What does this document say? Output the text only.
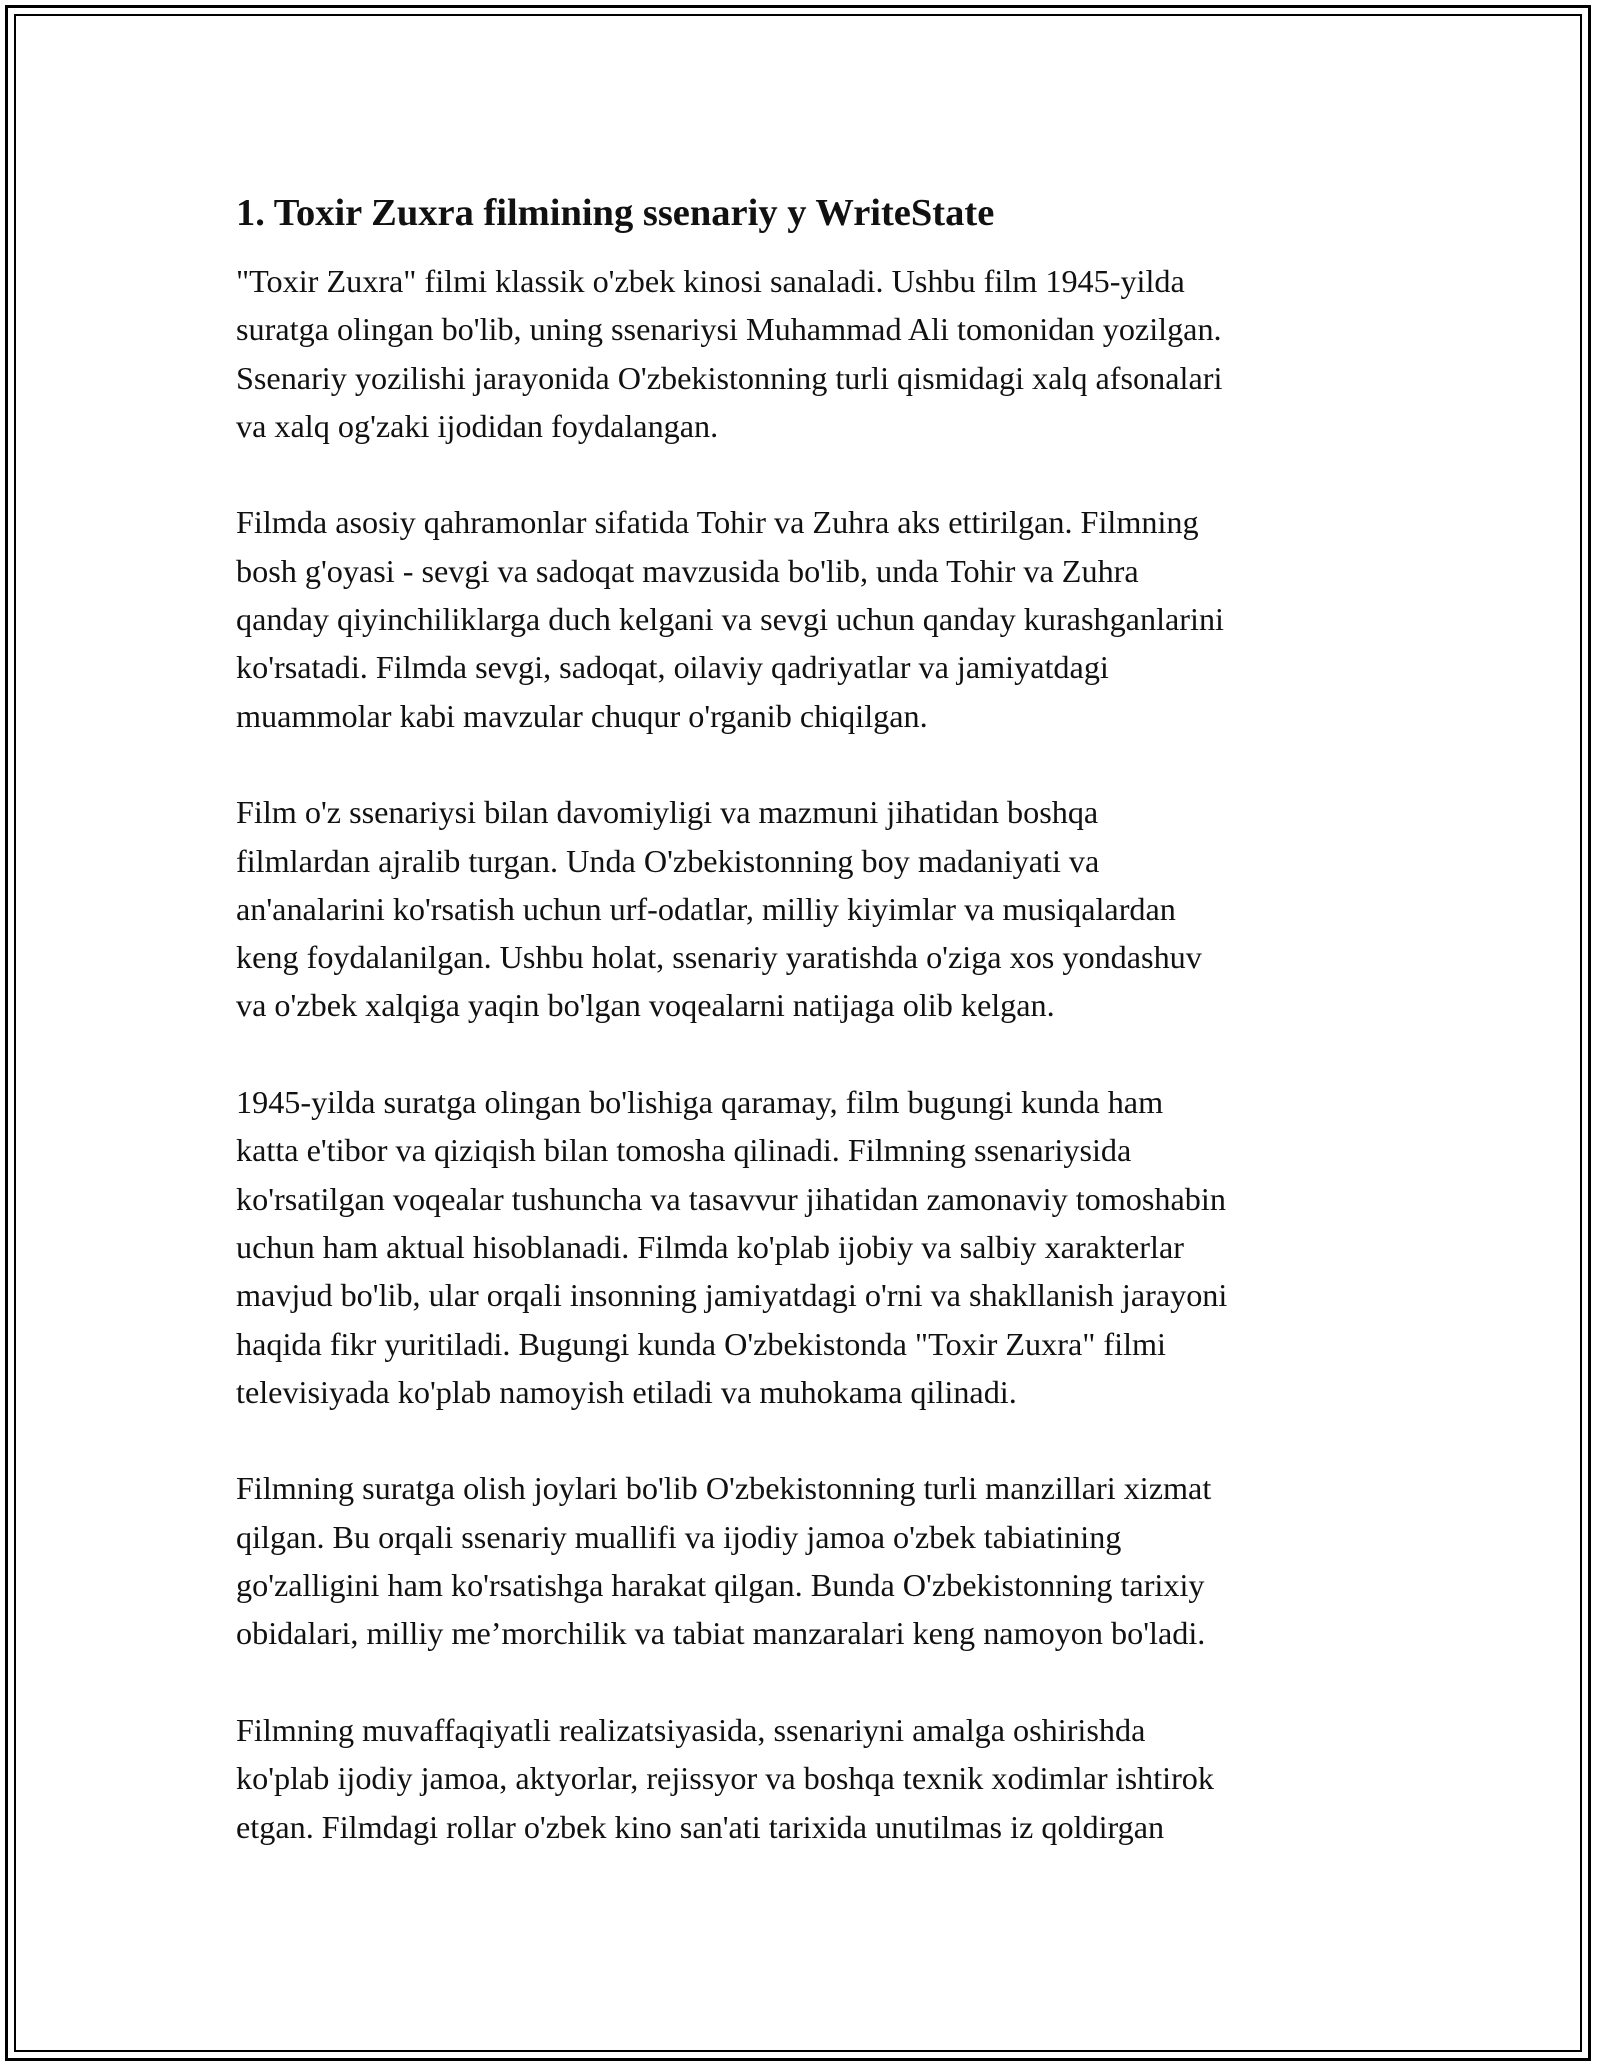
1. Toxir Zuxra filmining ssenariy y WriteState

"Toxir Zuxra" filmi klassik o'zbek kinosi sanaladi. Ushbu film 1945-yilda
suratga olingan bo'lib, uning ssenariysi Muhammad Ali tomonidan yozilgan.
Ssenariy yozilishi jarayonida O'zbekistonning turli qismidagi xalq afsonalari
va xalq og'zaki ijodidan foydalangan.

Filmda asosiy qahramonlar sifatida Tohir va Zuhra aks ettirilgan. Filmning
bosh g'oyasi - sevgi va sadoqat mavzusida bo'lib, unda Tohir va Zuhra
qanday qiyinchiliklarga duch kelgani va sevgi uchun qanday kurashganlarini
ko'rsatadi. Filmda sevgi, sadoqat, oilaviy qadriyatlar va jamiyatdagi
muammolar kabi mavzular chuqur o'rganib chiqilgan.

Film o'z ssenariysi bilan davomiyligi va mazmuni jihatidan boshqa
filmlardan ajralib turgan. Unda O'zbekistonning boy madaniyati va
an'analarini ko'rsatish uchun urf-odatlar, milliy kiyimlar va musiqalardan
keng foydalanilgan. Ushbu holat, ssenariy yaratishda o'ziga xos yondashuv
va o'zbek xalqiga yaqin bo'lgan voqealarni natijaga olib kelgan.

1945-yilda suratga olingan bo'lishiga qaramay, film bugungi kunda ham
katta e'tibor va qiziqish bilan tomosha qilinadi. Filmning ssenariysida
ko'rsatilgan voqealar tushuncha va tasavvur jihatidan zamonaviy tomoshabin
uchun ham aktual hisoblanadi. Filmda ko'plab ijobiy va salbiy xarakterlar
mavjud bo'lib, ular orqali insonning jamiyatdagi o'rni va shakllanish jarayoni
haqida fikr yuritiladi. Bugungi kunda O'zbekistonda "Toxir Zuxra" filmi
televisiyada ko'plab namoyish etiladi va muhokama qilinadi.

Filmning suratga olish joylari bo'lib O'zbekistonning turli manzillari xizmat
qilgan. Bu orqali ssenariy muallifi va ijodiy jamoa o'zbek tabiatining
go'zalligini ham ko'rsatishga harakat qilgan. Bunda O'zbekistonning tarixiy
obidalari, milliy me’morchilik va tabiat manzaralari keng namoyon bo'ladi.

Filmning muvaffaqiyatli realizatsiyasida, ssenariyni amalga oshirishda
ko'plab ijodiy jamoa, aktyorlar, rejissyor va boshqa texnik xodimlar ishtirok
etgan. Filmdagi rollar o'zbek kino san'ati tarixida unutilmas iz qoldirgan
